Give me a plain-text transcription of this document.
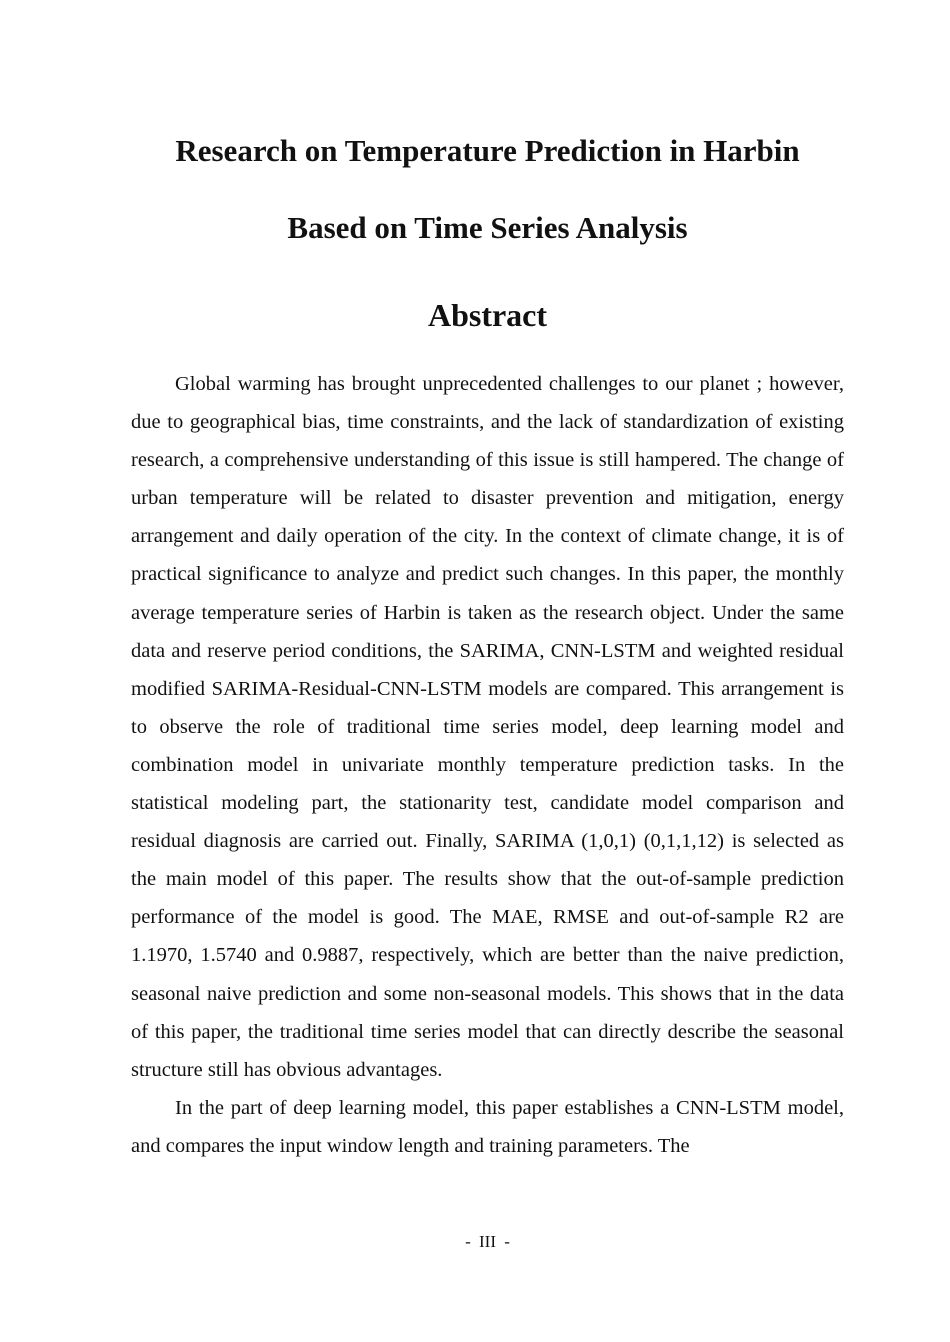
Research on Temperature Prediction in Harbin
Based on Time Series Analysis
Abstract

Global warming has brought unprecedented challenges to our planet ; however, due to geographical bias, time constraints, and the lack of standardization of existing research, a comprehensive understanding of this issue is still hampered. The change of urban temperature will be related to disaster prevention and mitigation, energy arrangement and daily operation of the city. In the context of climate change, it is of practical significance to analyze and predict such changes. In this paper, the monthly average temperature series of Harbin is taken as the research object. Under the same data and reserve period conditions, the SARIMA, CNN-LSTM and weighted residual modified SARIMA-Residual-CNN-LSTM models are compared. This arrangement is to observe the role of traditional time series model, deep learning model and combination model in univariate monthly temperature prediction tasks. In the statistical modeling part, the stationarity test, candidate model comparison and residual diagnosis are carried out. Finally, SARIMA (1,0,1) (0,1,1,12) is selected as the main model of this paper. The results show that the out-of-sample prediction performance of the model is good. The MAE, RMSE and out-of-sample R2 are 1.1970, 1.5740 and 0.9887, respectively, which are better than the naive prediction, seasonal naive prediction and some non-seasonal models. This shows that in the data of this paper, the traditional time series model that can directly describe the seasonal structure still has obvious advantages.

In the part of deep learning model, this paper establishes a CNN-LSTM model, and compares the input window length and training parameters. The

- III -
